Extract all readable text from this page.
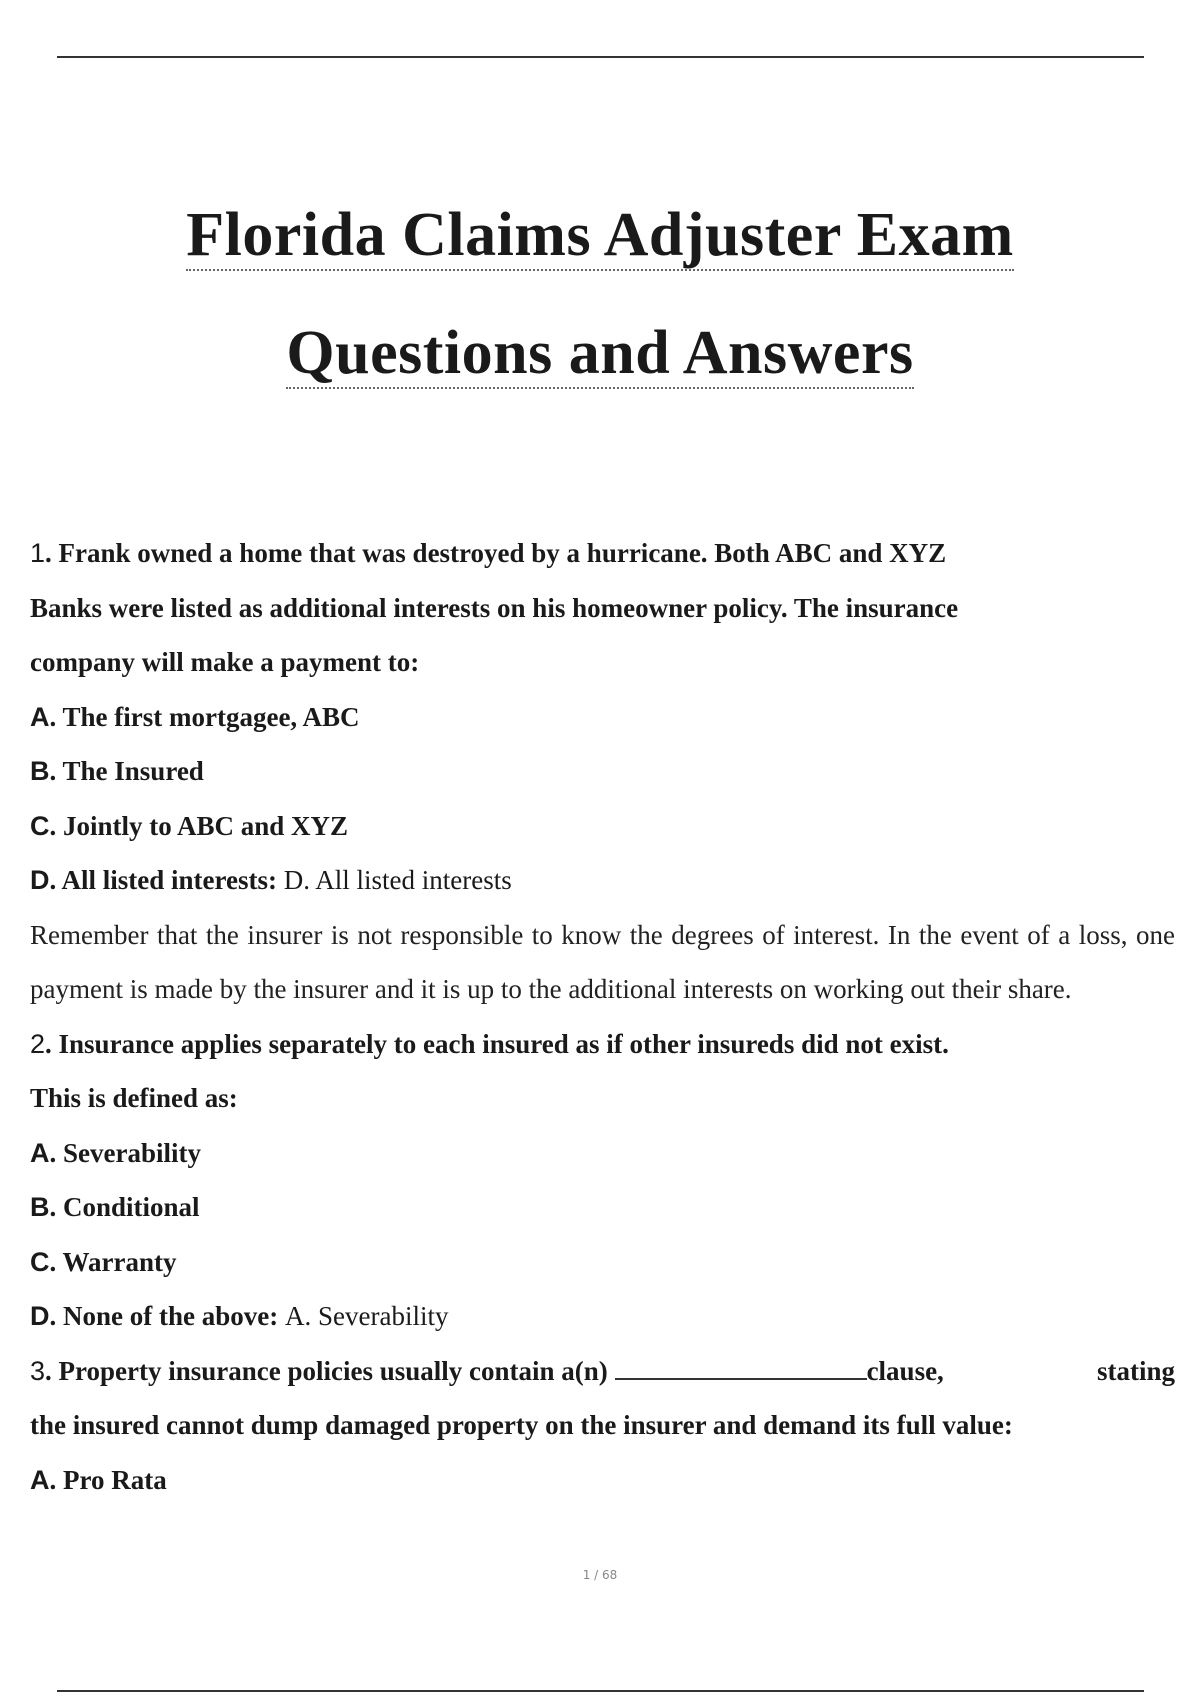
Florida Claims Adjuster Exam
Questions and Answers
1. Frank owned a home that was destroyed by a hurricane. Both ABC and XYZ
Banks were listed as additional interests on his homeowner policy. The insurance
company will make a payment to:
A. The first mortgagee, ABC
B. The Insured
C. Jointly to ABC and XYZ
D. All listed interests: D. All listed interests
Remember that the insurer is not responsible to know the degrees of interest. In the event of a loss, one payment is made by the insurer and it is up to the additional interests on working out their share.
2. Insurance applies separately to each insured as if other insureds did not exist.
This is defined as:
A. Severability
B. Conditional
C. Warranty
D. None of the above: A. Severability
3. Property insurance policies usually contain a(n)	clause,	stating
the insured cannot dump damaged property on the insurer and demand its full value:
A. Pro Rata
1 / 68
